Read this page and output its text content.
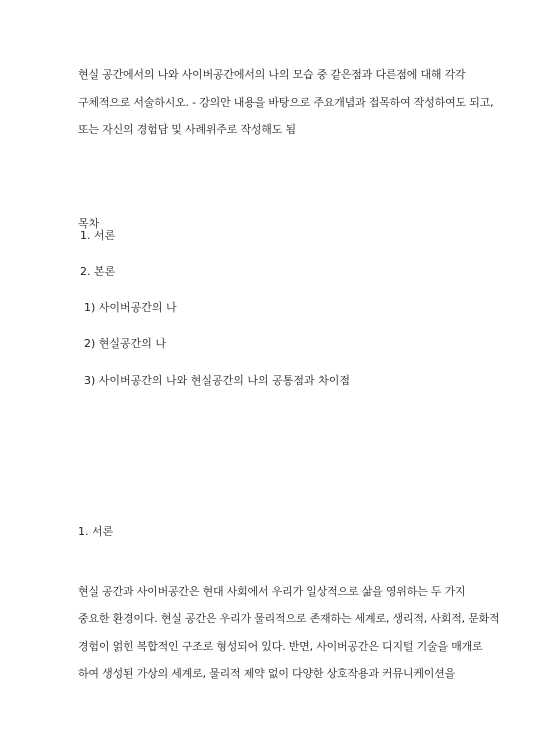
현실 공간에서의 나와 사이버공간에서의 나의 모습 중 같은점과 다른점에 대해 각각
구체적으로 서술하시오. - 강의안 내용을 바탕으로 주요개념과 접목하여 작성하여도 되고,
또는 자신의 경험담 및 사례위주로 작성해도 됨
목차
1. 서론
2. 본론
1) 사이버공간의 나
2) 현실공간의 나
3) 사이버공간의 나와 현실공간의 나의 공통점과 차이점
1. 서론
현실 공간과 사이버공간은 현대 사회에서 우리가 일상적으로 삶을 영위하는 두 가지
중요한 환경이다. 현실 공간은 우리가 물리적으로 존재하는 세계로, 생리적, 사회적, 문화적
경험이 얽힌 복합적인 구조로 형성되어 있다. 반면, 사이버공간은 디지털 기술을 매개로
하여 생성된 가상의 세계로, 물리적 제약 없이 다양한 상호작용과 커뮤니케이션을
